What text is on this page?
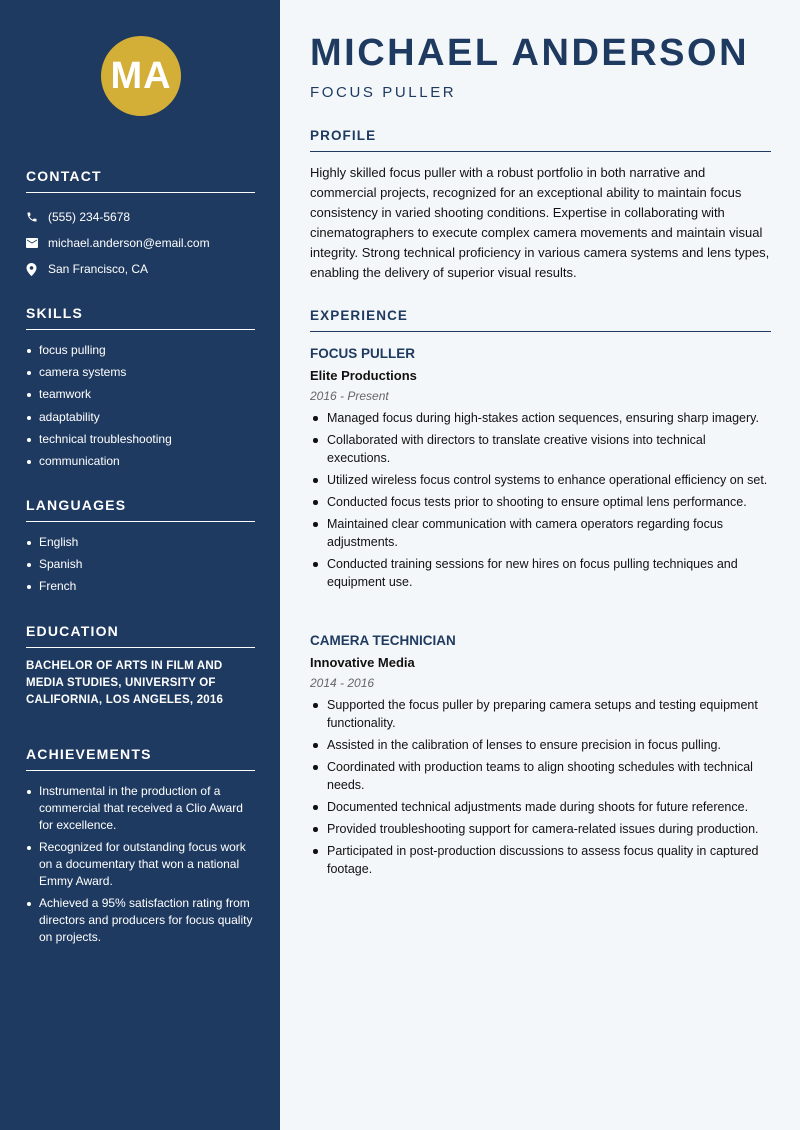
MA
CONTACT
(555) 234-5678
michael.anderson@email.com
San Francisco, CA
SKILLS
focus pulling
camera systems
teamwork
adaptability
technical troubleshooting
communication
LANGUAGES
English
Spanish
French
EDUCATION
BACHELOR OF ARTS IN FILM AND MEDIA STUDIES, UNIVERSITY OF CALIFORNIA, LOS ANGELES, 2016
ACHIEVEMENTS
Instrumental in the production of a commercial that received a Clio Award for excellence.
Recognized for outstanding focus work on a documentary that won a national Emmy Award.
Achieved a 95% satisfaction rating from directors and producers for focus quality on projects.
MICHAEL ANDERSON
FOCUS PULLER
PROFILE
Highly skilled focus puller with a robust portfolio in both narrative and commercial projects, recognized for an exceptional ability to maintain focus consistency in varied shooting conditions. Expertise in collaborating with cinematographers to execute complex camera movements and maintain visual integrity. Strong technical proficiency in various camera systems and lens types, enabling the delivery of superior visual results.
EXPERIENCE
FOCUS PULLER
Elite Productions
2016 - Present
Managed focus during high-stakes action sequences, ensuring sharp imagery.
Collaborated with directors to translate creative visions into technical executions.
Utilized wireless focus control systems to enhance operational efficiency on set.
Conducted focus tests prior to shooting to ensure optimal lens performance.
Maintained clear communication with camera operators regarding focus adjustments.
Conducted training sessions for new hires on focus pulling techniques and equipment use.
CAMERA TECHNICIAN
Innovative Media
2014 - 2016
Supported the focus puller by preparing camera setups and testing equipment functionality.
Assisted in the calibration of lenses to ensure precision in focus pulling.
Coordinated with production teams to align shooting schedules with technical needs.
Documented technical adjustments made during shoots for future reference.
Provided troubleshooting support for camera-related issues during production.
Participated in post-production discussions to assess focus quality in captured footage.
